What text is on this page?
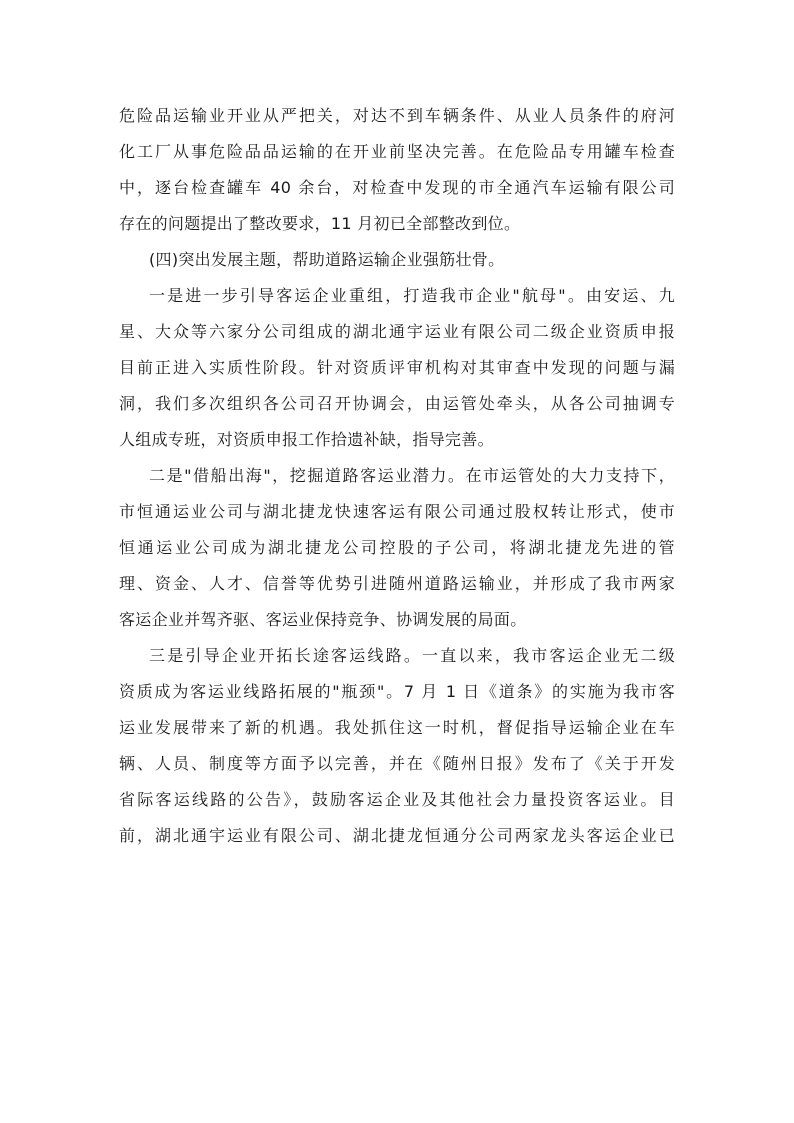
危险品运输业开业从严把关，对达不到车辆条件、从业人员条件的府河
化工厂从事危险品品运输的在开业前坚决完善。在危险品专用罐车检查
中，逐台检查罐车 40 余台，对检查中发现的市全通汽车运输有限公司
存在的问题提出了整改要求，11 月初已全部整改到位。
(四)突出发展主题，帮助道路运输企业强筋壮骨。
一是进一步引导客运企业重组，打造我市企业"航母"。由安运、九
星、大众等六家分公司组成的湖北通宇运业有限公司二级企业资质申报
目前正进入实质性阶段。针对资质评审机构对其审查中发现的问题与漏
洞，我们多次组织各公司召开协调会，由运管处牵头，从各公司抽调专
人组成专班，对资质申报工作拾遗补缺，指导完善。
二是"借船出海"，挖掘道路客运业潜力。在市运管处的大力支持下，
市恒通运业公司与湖北捷龙快速客运有限公司通过股权转让形式，使市
恒通运业公司成为湖北捷龙公司控股的子公司，将湖北捷龙先进的管
理、资金、人才、信誉等优势引进随州道路运输业，并形成了我市两家
客运企业并驾齐驱、客运业保持竞争、协调发展的局面。
三是引导企业开拓长途客运线路。一直以来，我市客运企业无二级
资质成为客运业线路拓展的"瓶颈"。7 月 1 日《道条》的实施为我市客
运业发展带来了新的机遇。我处抓住这一时机，督促指导运输企业在车
辆、人员、制度等方面予以完善，并在《随州日报》发布了《关于开发
省际客运线路的公告》，鼓励客运企业及其他社会力量投资客运业。目
前，湖北通宇运业有限公司、湖北捷龙恒通分公司两家龙头客运企业已
